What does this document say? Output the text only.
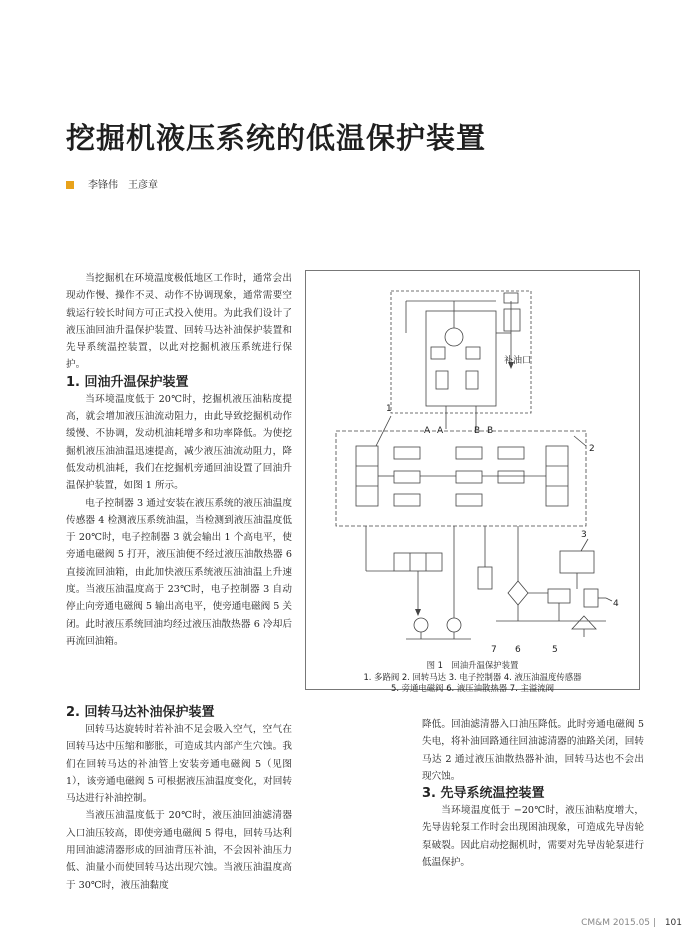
挖掘机液压系统的低温保护装置
李锋伟　王彦章

当挖掘机在环境温度极低地区工作时，通常会出现动作慢、操作不灵、动作不协调现象，通常需要空载运行较长时间方可正式投入使用。为此我们设计了液压油回油升温保护装置、回转马达补油保护装置和先导系统温控装置，以此对挖掘机液压系统进行保护。

1. 回油升温保护装置

当环境温度低于 20℃时，挖掘机液压油粘度提高，就会增加液压油流动阻力，由此导致挖掘机动作缓慢、不协调，发动机油耗增多和功率降低。为使挖掘机液压油油温迅速提高，减少液压油流动阻力，降低发动机油耗，我们在挖掘机旁通回油设置了回油升温保护装置，如图 1 所示。

电子控制器 3 通过安装在液压系统的液压油温度传感器 4 检测液压系统油温，当检测到液压油温度低于 20℃时，电子控制器 3 就会输出 1 个高电平，使旁通电磁阀 5 打开，液压油便不经过液压油散热器 6 直接流回油箱，由此加快液压系统液压油油温上升速度。当液压油温度高于 23℃时，电子控制器 3 自动停止向旁通电磁阀 5 输出高电平，使旁通电磁阀 5 关闭。此时液压系统回油均经过液压油散热器 6 冷却后再流回油箱。

2. 回转马达补油保护装置

回转马达旋转时若补油不足会吸入空气，空气在回转马达中压缩和膨胀，可造成其内部产生穴蚀。我们在回转马达的补油管上安装旁通电磁阀 5（见图 1），该旁通电磁阀 5 可根据液压油温度变化，对回转马达进行补油控制。

当液压油温度低于 20℃时，液压油回油滤清器入口油压较高，即使旁通电磁阀 5 得电，回转马达利用回油滤清器形成的回油背压补油，不会因补油压力低、油量小而使回转马达出现穴蚀。当液压油温度高于 30℃时，液压油黏度

降低。回油滤清器入口油压降低。此时旁通电磁阀 5 失电，将补油回路通往回油滤清器的油路关闭，回转马达 2 通过液压油散热器补油，回转马达也不会出现穴蚀。

3. 先导系统温控装置

当环境温度低于 −20℃时，液压油粘度增大，先导齿轮泵工作时会出现困油现象，可造成先导齿轮泵破裂。因此启动挖掘机时，需要对先导齿轮泵进行低温保护。

补油口
1
2
3
4
5
6
7
A A	B B
图 1　回油升温保护装置
1. 多路阀 2. 回转马达 3. 电子控制器 4. 液压油温度传感器
5. 旁通电磁阀 6. 液压油散热器 7. 主溢流阀
CM&M 2015.05 | 101
